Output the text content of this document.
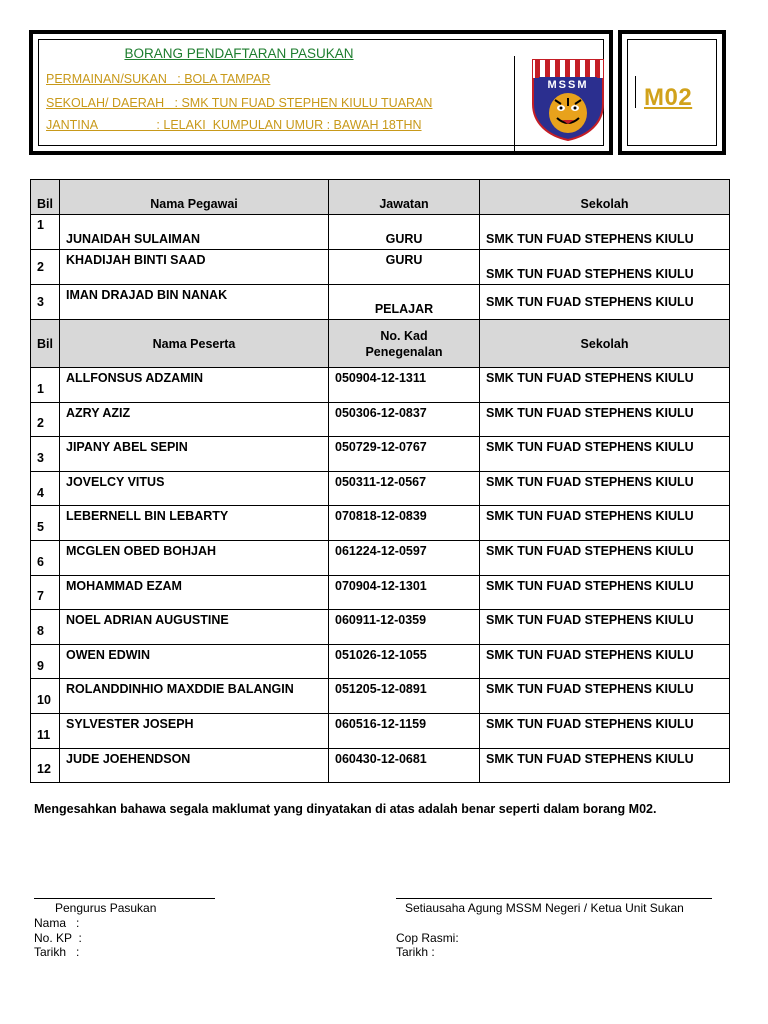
BORANG PENDAFTARAN PASUKAN
PERMAINAN/SUKAN   : BOLA TAMPAR
SEKOLAH/ DAERAH   : SMK TUN FUAD STEPHEN KIULU TUARAN
JANTINA                 : LELAKI  KUMPULAN UMUR : BAWAH 18THN
MSSM M02
Bil	Nama Pegawai	Jawatan	Sekolah
1	JUNAIDAH SULAIMAN	GURU	SMK TUN FUAD STEPHENS KIULU
2	KHADIJAH BINTI SAAD	GURU	SMK TUN FUAD STEPHENS KIULU
3	IMAN DRAJAD BIN NANAK	PELAJAR	SMK TUN FUAD STEPHENS KIULU
Bil	Nama Peserta	No. Kad Penegenalan	Sekolah
1	ALLFONSUS ADZAMIN	050904-12-1311	SMK TUN FUAD STEPHENS KIULU
2	AZRY AZIZ	050306-12-0837	SMK TUN FUAD STEPHENS KIULU
3	JIPANY ABEL SEPIN	050729-12-0767	SMK TUN FUAD STEPHENS KIULU
4	JOVELCY VITUS	050311-12-0567	SMK TUN FUAD STEPHENS KIULU
5	LEBERNELL BIN LEBARTY	070818-12-0839	SMK TUN FUAD STEPHENS KIULU
6	MCGLEN OBED BOHJAH	061224-12-0597	SMK TUN FUAD STEPHENS KIULU
7	MOHAMMAD EZAM	070904-12-1301	SMK TUN FUAD STEPHENS KIULU
8	NOEL ADRIAN AUGUSTINE	060911-12-0359	SMK TUN FUAD STEPHENS KIULU
9	OWEN EDWIN	051026-12-1055	SMK TUN FUAD STEPHENS KIULU
10	ROLANDDINHIO MAXDDIE BALANGIN	051205-12-0891	SMK TUN FUAD STEPHENS KIULU
11	SYLVESTER JOSEPH	060516-12-1159	SMK TUN FUAD STEPHENS KIULU
12	JUDE JOEHENDSON	060430-12-0681	SMK TUN FUAD STEPHENS KIULU
Mengesahkan bahawa segala maklumat yang dinyatakan di atas adalah benar seperti dalam borang M02.
Pengurus Pasukan
Nama   :
No. KP  :
Tarikh   :
Setiausaha Agung MSSM Negeri / Ketua Unit Sukan
Cop Rasmi:
Tarikh :
